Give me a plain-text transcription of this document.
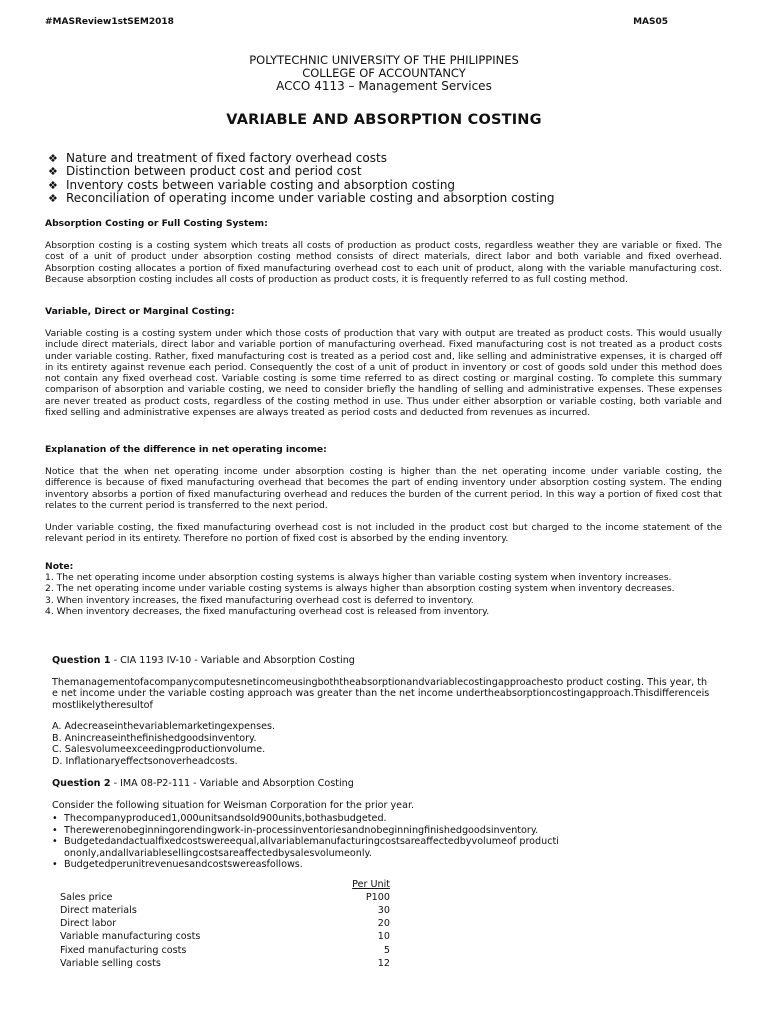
#MASReview1stSEM2018	MAS05
POLYTECHNIC UNIVERSITY OF THE PHILIPPINES
COLLEGE OF ACCOUNTANCY
ACCO 4113 – Management Services
VARIABLE AND ABSORPTION COSTING
❖ Nature and treatment of fixed factory overhead costs
❖ Distinction between product cost and period cost
❖ Inventory costs between variable costing and absorption costing
❖ Reconciliation of operating income under variable costing and absorption costing

Absorption Costing or Full Costing System:

Absorption costing is a costing system which treats all costs of production as product costs, regardless weather they are variable or fixed. The cost of a unit of product under absorption costing method consists of direct materials, direct labor and both variable and fixed overhead. Absorption costing allocates a portion of fixed manufacturing overhead cost to each unit of product, along with the variable manufacturing cost. Because absorption costing includes all costs of production as product costs, it is frequently referred to as full costing method.

Variable, Direct or Marginal Costing:

Variable costing is a costing system under which those costs of production that vary with output are treated as product costs. This would usually include direct materials, direct labor and variable portion of manufacturing overhead. Fixed manufacturing cost is not treated as a product costs under variable costing. Rather, fixed manufacturing cost is treated as a period cost and, like selling and administrative expenses, it is charged off in its entirety against revenue each period. Consequently the cost of a unit of product in inventory or cost of goods sold under this method does not contain any fixed overhead cost. Variable costing is some time referred to as direct costing or marginal costing. To complete this summary comparison of absorption and variable costing, we need to consider briefly the handling of selling and administrative expenses. These expenses are never treated as product costs, regardless of the costing method in use. Thus under either absorption or variable costing, both variable and fixed selling and administrative expenses are always treated as period costs and deducted from revenues as incurred.

Explanation of the difference in net operating income:

Notice that the when net operating income under absorption costing is higher than the net operating income under variable costing, the difference is because of fixed manufacturing overhead that becomes the part of ending inventory under absorption costing system. The ending inventory absorbs a portion of fixed manufacturing overhead and reduces the burden of the current period. In this way a portion of fixed cost that relates to the current period is transferred to the next period.

Under variable costing, the fixed manufacturing overhead cost is not included in the product cost but charged to the income statement of the relevant period in its entirety. Therefore no portion of fixed cost is absorbed by the ending inventory.

Note:

1. The net operating income under absorption costing systems is always higher than variable costing system when inventory increases.

2. The net operating income under variable costing systems is always higher than absorption costing system when inventory decreases.

3. When inventory increases, the fixed manufacturing overhead cost is deferred to inventory.

4. When inventory decreases, the fixed manufacturing overhead cost is released from inventory.

Question 1 - CIA 1193 IV-10 - Variable and Absorption Costing

Themanagementofacompanycomputesnetincomeusingboththeabsorptionandvariablecostingapproachesto product costing. This year, the net income under the variable costing approach was greater than the net income undertheabsorptioncostingapproach.Thisdifferenceismostlikelytheresultof

A. Adecreaseinthevariablemarketingexpenses.
B. Anincreaseinthefinishedgoodsinventory.
C. Salesvolumeexceedingproductionvolume.
D. Inflationaryeffectsonoverheadcosts.

Question 2 - IMA 08-P2-111 - Variable and Absorption Costing

Consider the following situation for Weisman Corporation for the prior year.

• Thecompanyproduced1,000unitsandsold900units,bothasbudgeted.
• Therewerenobeginningorendingwork-in-processinventoriesandnobeginningfinishedgoodsinventory.
• Budgetedandactualfixedcostswereequal,allvariablemanufacturingcostsareaffectedbyvolumeof productiononly,andallvariablesellingcostsareaffectedbysalesvolumeonly.
• Budgetedperunitrevenuesandcostswereasfollows.
	Per Unit
Sales price	P100
Direct materials	30
Direct labor	20
Variable manufacturing costs	10
Fixed manufacturing costs	5
Variable selling costs	12
